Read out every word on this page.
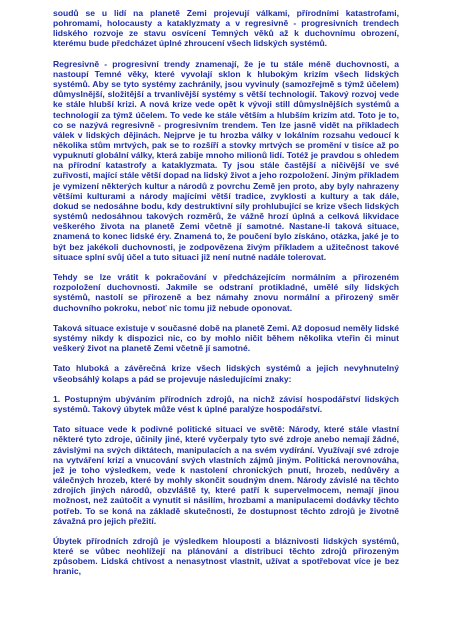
soudů se u lidí na planetě Zemi projevují válkami, přírodními katastrofami, pohromami, holocausty a kataklyzmaty a v regresivně - progresivních trendech lidského rozvoje ze stavu osvícení Temných věků až k duchovnímu obrození, kterému bude předcházet úplné zhroucení všech lidských systémů.

Regresivně - progresivní trendy znamenají, že je tu stále méně duchovnosti, a nastoupí Temné věky, které vyvolají sklon k hlubokým krizím všech lidských systémů. Aby se tyto systémy zachránily, jsou vyvinuly (samozřejmě s týmž účelem) důmyslnější, složitější a trvanlivější systémy s větší technologií. Takový rozvoj vede ke stále hlubší krizi. A nová krize vede opět k vývoji still důmyslnějších systémů a technologií za týmž účelem. To vede ke stále větším a hlubším krizím atd. Toto je to, co se nazývá regresivně - progresivním trendem. Ten lze jasně vidět na příkladech válek v lidských dějinách. Nejprve je tu hrozba války v lokálním rozsahu vedoucí k několika stům mrtvých, pak se to rozšíří a stovky mrtvých se promění v tisíce až po vypuknutí globální války, která zabije mnoho milionů lidí. Totéž je pravdou s ohledem na přírodní katastrofy a kataklyzmata. Ty jsou stále častější a ničivější ve své zuřivosti, mající stále větší dopad na lidský život a jeho rozpoložení. Jiným příkladem je vymizení některých kultur a národů z povrchu Země jen proto, aby byly nahrazeny většími kulturami a národy majícími větší tradice, zvyklosti a kultury a tak dále, dokud se nedosáhne bodu, kdy destruktivní síly prohlubující se krize všech lidských systémů nedosáhnou takových rozměrů, že vážně hrozí úplná a celková likvidace veškerého života na planetě Zemi včetně jí samotné. Nastane-li taková situace, znamená to konec lidské éry. Znamená to, že poučení bylo získáno, otázka, jaké je to být bez jakékoli duchovnosti, je zodpovězena živým příkladem a užitečnost takové situace splní svůj účel a tuto situaci již není nutné nadále tolerovat.

Tehdy se lze vrátit k pokračování v předcházejícím normálním a přirozeném rozpoložení duchovnosti. Jakmile se odstraní protikladné, umělé síly lidských systémů, nastolí se přirozeně a bez námahy znovu normální a přirozený směr duchovního pokroku, neboť nic tomu již nebude oponovat.

Taková situace existuje v současné době na planetě Zemi. Až doposud neměly lidské systémy nikdy k dispozici nic, co by mohlo ničit během několika vteřin či minut veškerý život na planetě Zemi včetně jí samotné.

Tato hluboká a závěrečná krize všech lidských systémů a jejich nevyhnutelný všeobsáhlý kolaps a pád se projevuje následujícími znaky:

1. Postupným ubýváním přírodních zdrojů, na nichž závisí hospodářství lidských systémů. Takový úbytek může vést k úplné paralýze hospodářství.

Tato situace vede k podivné politické situaci ve světě: Národy, které stále vlastní některé tyto zdroje, účinily jiné, které vyčerpaly tyto své zdroje anebo nemají žádné, závislými na svých diktátech, manipulacích a na svém vydírání. Využívají své zdroje na vytváření krizí a vnucování svých vlastních zájmů jiným. Politická nerovnováha, jež je toho výsledkem, vede k nastolení chronických pnutí, hrozeb, nedůvěry a válečných hrozeb, které by mohly skončit soudným dnem. Národy závislé na těchto zdrojích jiných národů, obzvláště ty, které patří k supervelmocem, nemají jinou možnost, než zaútočit a vynutit si násilím, hrozbami a manipulacemi dodávky těchto potřeb. To se koná na základě skutečnosti, že dostupnost těchto zdrojů je životně závažná pro jejich přežití.

Úbytek přírodních zdrojů je výsledkem hlouposti a bláznivosti lidských systémů, které se vůbec neohlížejí na plánování a distribuci těchto zdrojů přirozeným způsobem. Lidská chtivost a nenasytnost vlastnit, užívat a spotřebovat více je bez hranic,
